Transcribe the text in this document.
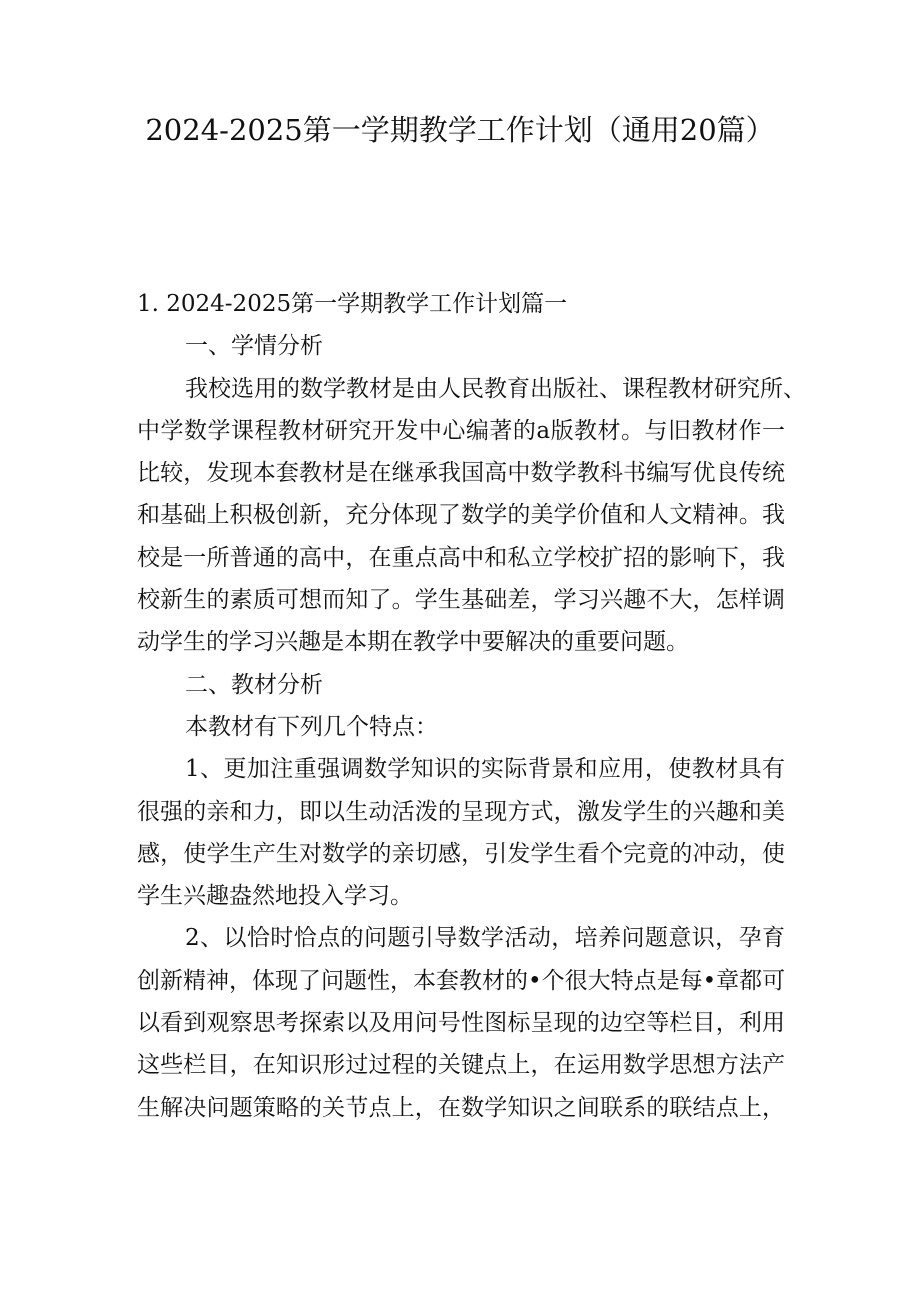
2024-2025第一学期教学工作计划（通用20篇）

1. 2024-2025第一学期教学工作计划篇一

一、学情分析

我校选用的数学教材是由人民教育出版社、课程教材研究所、

中学数学课程教材研究开发中心编著的a版教材。与旧教材作一

比较，发现本套教材是在继承我国高中数学教科书编写优良传统

和基础上积极创新，充分体现了数学的美学价值和人文精神。我

校是一所普通的高中，在重点高中和私立学校扩招的影响下，我

校新生的素质可想而知了。学生基础差，学习兴趣不大，怎样调

动学生的学习兴趣是本期在教学中要解决的重要问题。

二、教材分析

本教材有下列几个特点：

1、更加注重强调数学知识的实际背景和应用，使教材具有

很强的亲和力，即以生动活泼的呈现方式，激发学生的兴趣和美

感，使学生产生对数学的亲切感，引发学生看个完竟的冲动，使

学生兴趣盎然地投入学习。

2、以恰时恰点的问题引导数学活动，培养问题意识，孕育

创新精神，体现了问题性，本套教材的•个很大特点是每•章都可

以看到观察思考探索以及用问号性图标呈现的边空等栏目，利用

这些栏目，在知识形过过程的关键点上，在运用数学思想方法产

生解决问题策略的关节点上，在数学知识之间联系的联结点上，
